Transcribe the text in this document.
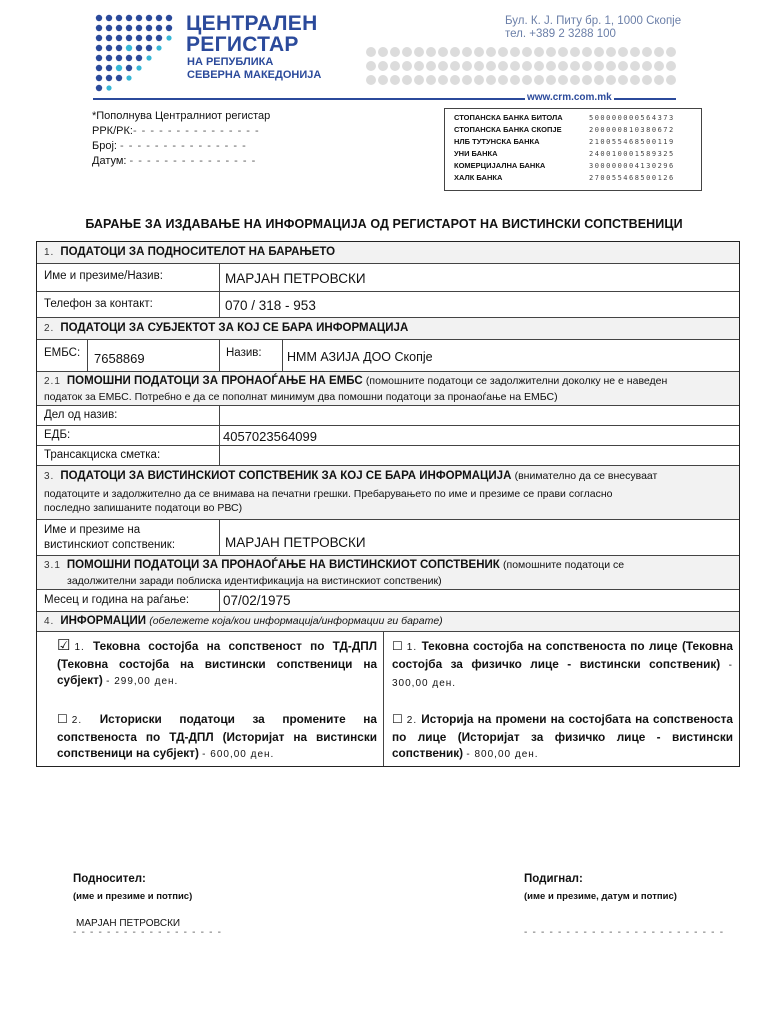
ЦЕНТРАЛЕН
РЕГИСТАР
НА РЕПУБЛИКА
СЕВЕРНА МАКЕДОНИЈА
Бул. К. Ј. Питу бр. 1, 1000 Скопје
тел. +389 2 3288 100
www.crm.com.mk
*Пополнува Централниот регистар
РРК/РК:- - - - - - - - - - - - - - -
Број: - - - - - - - - - - - - - - -
Датум: - - - - - - - - - - - - - - -
СТОПАНСКА БАНКА БИТОЛА	500000000564373
СТОПАНСКА БАНКА СКОПЈЕ	200000810380672
НЛБ ТУТУНСКА БАНКА	210055468500119
УНИ БАНКА	240010001589325
КОМЕРЦИЈАЛНА БАНКА	300000004130296
ХАЛК БАНКА	270055468500126
БАРАЊЕ ЗА ИЗДАВАЊЕ НА ИНФОРМАЦИЈА ОД РЕГИСТАРОТ НА ВИСТИНСКИ СОПСТВЕНИЦИ
1. ПОДАТОЦИ ЗА ПОДНОСИТЕЛОТ НА БАРАЊЕТО
Име и презиме/Назив:	МАРЈАН ПЕТРОВСКИ
Телефон за контакт:	070 / 318 - 953
2. ПОДАТОЦИ ЗА СУБЈЕКТОТ ЗА КОЈ СЕ БАРА ИНФОРМАЦИЈА
ЕМБС: 7658869	Назив: НММ АЗИЈА ДОО Скопје
2.1 ПОМОШНИ ПОДАТОЦИ ЗА ПРОНАОЃАЊЕ НА ЕМБС (помошните податоци се задолжителни доколку не е наведен
податок за ЕМБС. Потребно е да се пополнат минимум два помошни податоци за пронаоѓање на ЕМБС)
Дел од назив:
ЕДБ:	4057023564099
Трансакциска сметка:
3. ПОДАТОЦИ ЗА ВИСТИНСКИОТ СОПСТВЕНИК ЗА КОЈ СЕ БАРА ИНФОРМАЦИЈА (внимателно да се внесуваат
податоците и задолжително да се внимава на печатни грешки. Пребарувањето по име и презиме се прави согласно
последно запишаните податоци во РВС)
Име и презиме на
вистинскиот сопственик:	МАРЈАН ПЕТРОВСКИ
3.1 ПОМОШНИ ПОДАТОЦИ ЗА ПРОНАОЃАЊЕ НА ВИСТИНСКИОТ СОПСТВЕНИК (помошните податоци се
задолжителни заради поблиска идентификација на вистинскиот сопственик)
Месец и година на раѓање:	07/02/1975
4. ИНФОРМАЦИИ (обележете која/кои информација/информации ги барате)
☑ 1. Тековна состојба на сопственост по ТД-ДПЛ (Тековна состојба на вистински сопственици на субјект) - 299,00 ден.
☐ 1. Тековна состојба на сопственоста по лице (Тековна состојба за физичко лице - вистински сопственик) - 300,00 ден.
☐ 2. Историски податоци за промените на сопственоста по ТД-ДПЛ (Историјат на вистински сопственици на субјект) - 600,00 ден.
☐ 2. Историја на промени на состојбата на сопственоста по лице (Историјат за физичко лице - вистински сопственик) - 800,00 ден.
Подносител:
(име и презиме и потпис)
МАРЈАН ПЕТРОВСКИ
- - - - - - - - - - - - - - - - - -
Подигнал:
(име и презиме, датум и потпис)
- - - - - - - - - - - - - - - - - - - - - - - -
